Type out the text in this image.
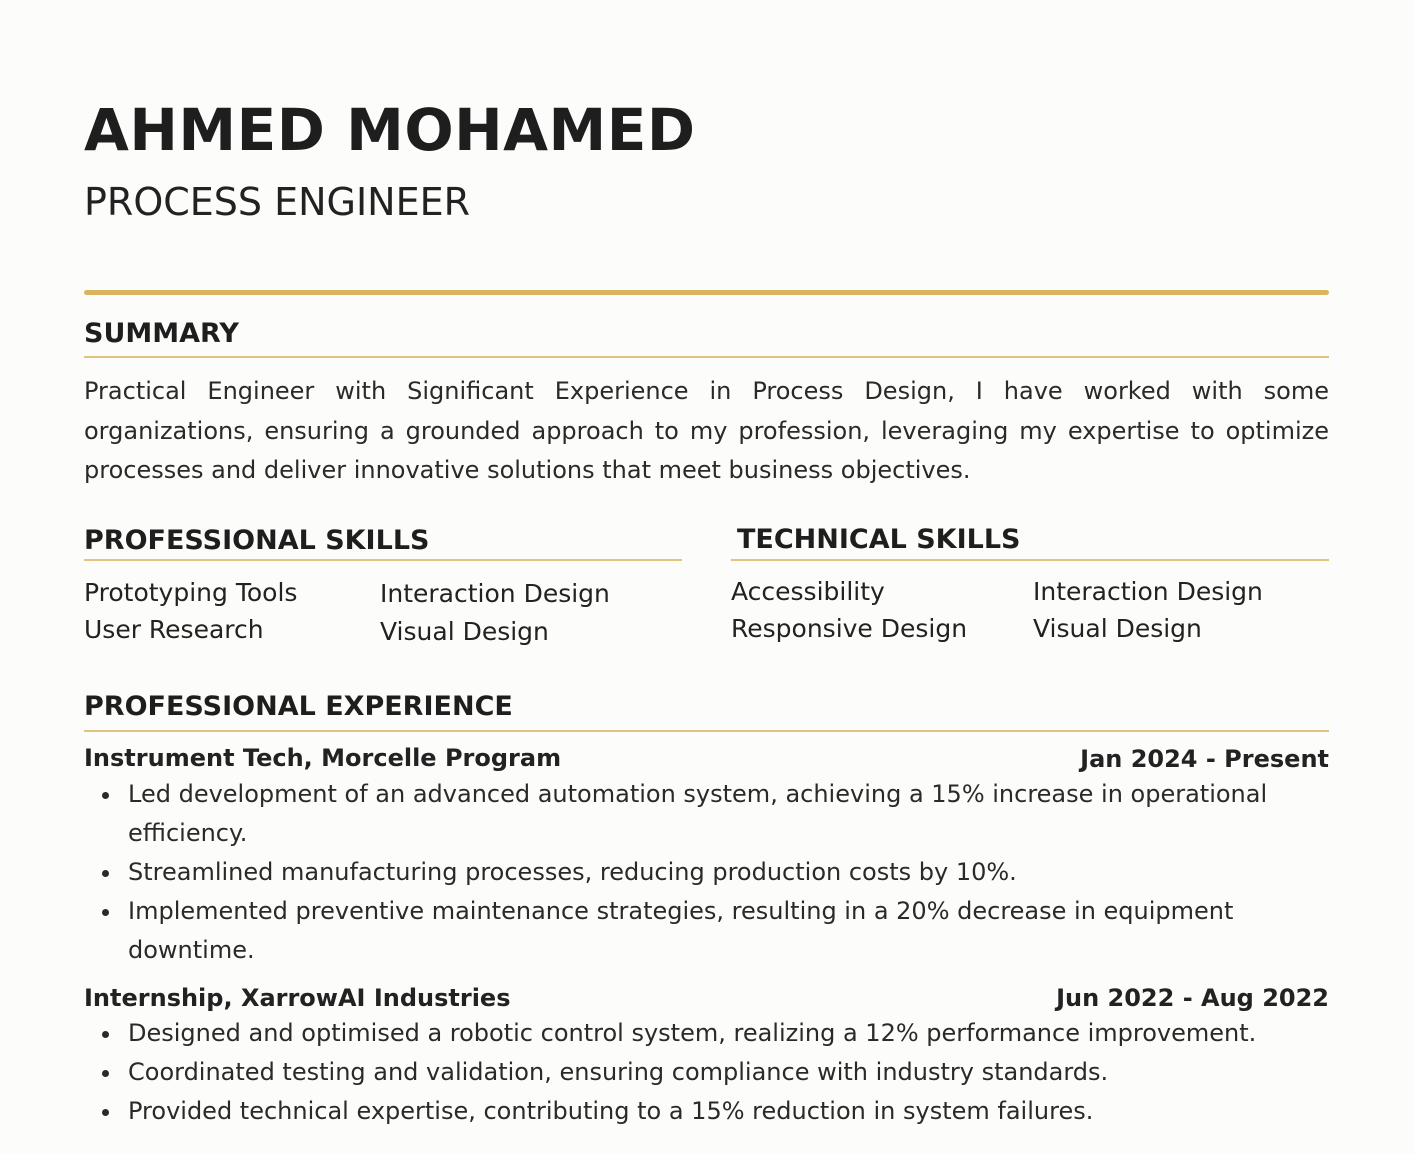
AHMED MOHAMED
PROCESS ENGINEER
SUMMARY
Practical Engineer with Significant Experience in Process Design, I have worked with some organizations, ensuring a grounded approach to my profession, leveraging my expertise to optimize processes and deliver innovative solutions that meet business objectives.
PROFESSIONAL SKILLS
Prototyping Tools	Interaction Design
User Research	Visual Design
TECHNICAL SKILLS
Accessibility	Interaction Design
Responsive Design	Visual Design
PROFESSIONAL EXPERIENCE
Instrument Tech, Morcelle Program	Jan 2024 - Present
Led development of an advanced automation system, achieving a 15% increase in operational efficiency.
Streamlined manufacturing processes, reducing production costs by 10%.
Implemented preventive maintenance strategies, resulting in a 20% decrease in equipment downtime.
Internship, XarrowAI Industries	Jun 2022 - Aug 2022
Designed and optimised a robotic control system, realizing a 12% performance improvement.
Coordinated testing and validation, ensuring compliance with industry standards.
Provided technical expertise, contributing to a 15% reduction in system failures.
